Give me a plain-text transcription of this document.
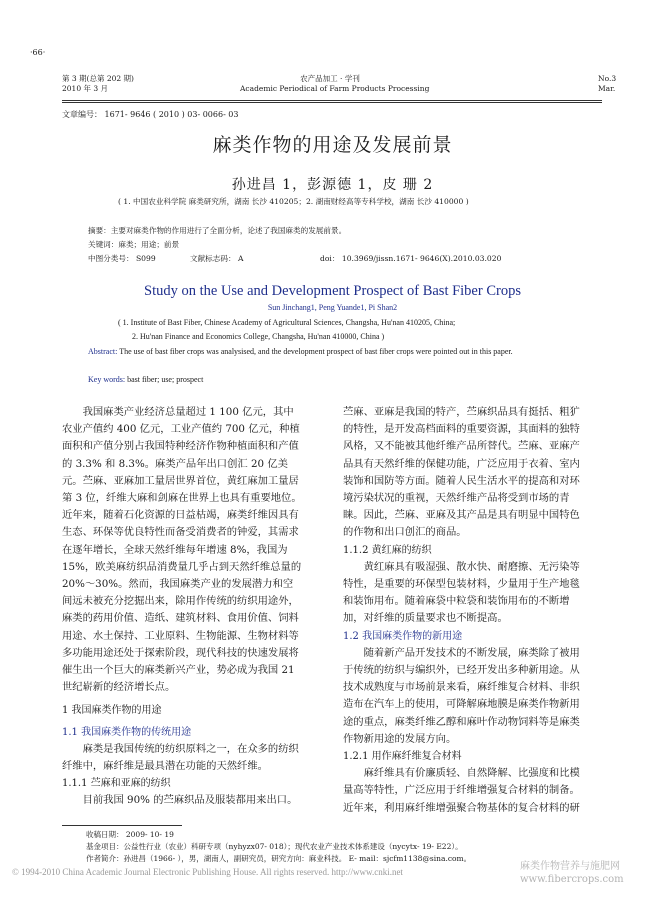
·66·
第 3 期(总第 202 期)
2010 年 3 月
农产品加工 · 学刊
Academic Periodical of Farm Products Processing
No.3
Mar.
文章编号： 1671- 9646 ( 2010 ) 03- 0066- 03
麻类作物的用途及发展前景
孙进昌 1，彭源德 1，皮 珊 2
( 1. 中国农业科学院 麻类研究所，湖南 长沙 410205；2. 湖南财经高等专科学校，湖南 长沙 410000 )
摘要：主要对麻类作物的作用进行了全面分析，论述了我国麻类的发展前景。
关键词：麻类；用途；前景
中图分类号： S099	文献标志码： A	doi： 10.3969/jissn.1671- 9646(X).2010.03.020
Study on the Use and Development Prospect of Bast Fiber Crops
Sun Jinchang1, Peng Yuande1, Pi Shan2
( 1. Institute of Bast Fiber, Chinese Academy of Agricultural Sciences, Changsha, Hu'nan 410205, China;
2. Hu'nan Finance and Economics College, Changsha, Hu'nan 410000, China )
Abstract: The use of bast fiber crops was analysised, and the development prospect of bast fiber crops were pointed out in this paper.
Key words: bast fiber; use; prospect

我国麻类产业经济总量超过 1 100 亿元，其中农业产值约 400 亿元，工业产值约 700 亿元，种植面积和产值分别占我国特种经济作物种植面积和产值的 3.3% 和 8.3%。麻类产品年出口创汇 20 亿美元。苎麻、亚麻加工量居世界首位，黄红麻加工量居第 3 位，纤维大麻和剑麻在世界上也具有重要地位。近年来，随着石化资源的日益枯竭，麻类纤维因具有生态、环保等优良特性而备受消费者的钟爱，其需求在逐年增长，全球天然纤维每年增速 8%，我国为 15%，欧美麻纺织品消费量几乎占到天然纤维总量的 20%～30%。然而，我国麻类产业的发展潜力和空间远未被充分挖掘出来，除用作传统的纺织用途外，麻类的药用价值、造纸、建筑材料、食用价值、饲料用途、水土保持、工业原料、生物能源、生物材料等多功能用途还处于探索阶段，现代科技的快速发展将催生出一个巨大的麻类新兴产业，势必成为我国 21 世纪崭新的经济增长点。

1 我国麻类作物的用途

1.1 我国麻类作物的传统用途

麻类是我国传统的纺织原料之一，在众多的纺织纤维中，麻纤维是最具潜在功能的天然纤维。

1.1.1 苎麻和亚麻的纺织

目前我国 90% 的苎麻织品及服装都用来出口。

苎麻、亚麻是我国的特产，苎麻织品具有挺括、粗犷的特性，是开发高档面料的重要资源，其面料的独特风格，又不能被其他纤维产品所替代。苎麻、亚麻产品具有天然纤维的保健功能，广泛应用于衣着、室内装饰和国防等方面。随着人民生活水平的提高和对环境污染状况的重视，天然纤维产品将受到市场的青睐。因此，苎麻、亚麻及其产品是具有明显中国特色的作物和出口创汇的商品。

1.1.2 黄红麻的纺织

黄红麻具有吸湿强、散水快、耐磨擦、无污染等特性，是重要的环保型包装材料，少量用于生产地毯和装饰用布。随着麻袋中粒袋和装饰用布的不断增加，对纤维的质量要求也不断提高。

1.2 我国麻类作物的新用途

随着新产品开发技术的不断发展，麻类除了被用于传统的纺织与编织外，已经开发出多种新用途。从技术成熟度与市场前景来看，麻纤维复合材料、非织造布在汽车上的使用，可降解麻地膜是麻类作物新用途的重点，麻类纤维乙醇和麻叶作动物饲料等是麻类作物新用途的发展方向。

1.2.1 用作麻纤维复合材料

麻纤维具有价廉质轻、自然降解、比强度和比模量高等特性，广泛应用于纤维增强复合材料的制备。近年来，利用麻纤维增强聚合物基体的复合材料的研

收稿日期： 2009- 10- 19
基金项目：公益性行业（农业）科研专项（nyhyzx07- 018）；现代农业产业技术体系建设（nycytx- 19- E22）。
作者简介：孙进昌（1966- ），男，湖南人，副研究员，研究方向：麻业科技。 E- mail：sjcfm1138@sina.com。
© 1994-2010 China Academic Journal Electronic Publishing House. All rights reserved. http://www.cnki.net	麻类作物营养与施肥网
www.fibercrops.com
